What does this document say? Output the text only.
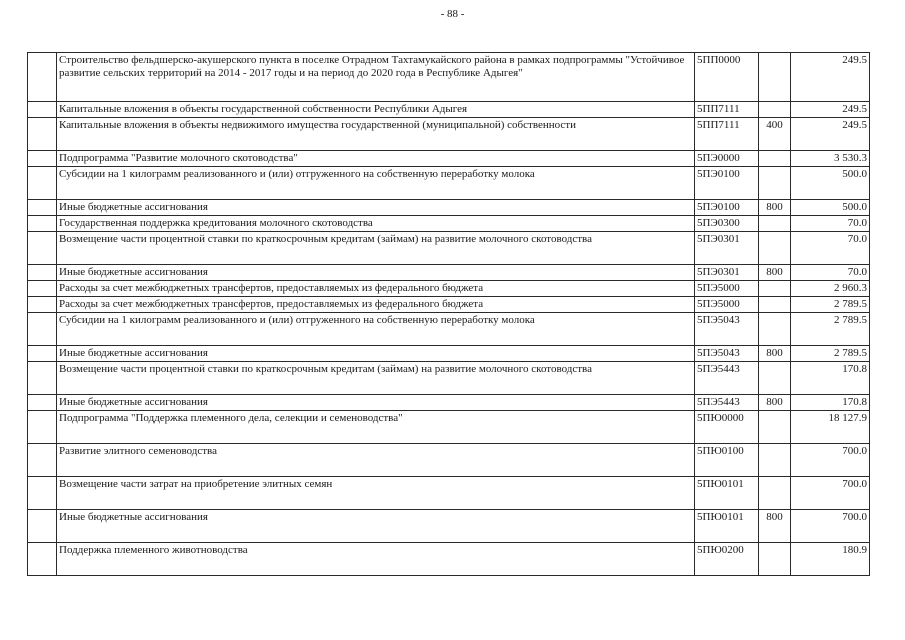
- 88 -
	Строительство фельдшерско-акушерского пункта в поселке Отрадном Тахтамукайского района в рамках подпрограммы "Устойчивое развитие сельских территорий на 2014 - 2017 годы и на период до 2020 года в Республике Адыгея"	5ПП0000		249.5
	Капитальные вложения в объекты государственной собственности Республики Адыгея	5ПП7111		249.5
	Капитальные вложения в объекты недвижимого имущества государственной (муниципальной) собственности	5ПП7111	400	249.5
	Подпрограмма "Развитие молочного скотоводства"	5ПЭ0000		3 530.3
	Субсидии на 1 килограмм реализованного и (или) отгруженного на собственную переработку молока	5ПЭ0100		500.0
	Иные бюджетные ассигнования	5ПЭ0100	800	500.0
	Государственная поддержка кредитования молочного скотоводства	5ПЭ0300		70.0
	Возмещение части процентной ставки по краткосрочным кредитам (займам) на развитие молочного скотоводства	5ПЭ0301		70.0
	Иные бюджетные ассигнования	5ПЭ0301	800	70.0
	Расходы за счет межбюджетных трансфертов, предоставляемых из федерального бюджета	5ПЭ5000		2 960.3
	Расходы за счет межбюджетных трансфертов, предоставляемых из федерального бюджета	5ПЭ5000		2 789.5
	Субсидии на 1 килограмм реализованного и (или) отгруженного на собственную переработку молока	5ПЭ5043		2 789.5
	Иные бюджетные ассигнования	5ПЭ5043	800	2 789.5
	Возмещение части процентной ставки по краткосрочным кредитам (займам) на развитие молочного скотоводства	5ПЭ5443		170.8
	Иные бюджетные ассигнования	5ПЭ5443	800	170.8
	Подпрограмма "Поддержка племенного дела, селекции и семеноводства"	5ПЮ0000		18 127.9
	Развитие элитного семеноводства	5ПЮ0100		700.0
	Возмещение части затрат на приобретение элитных семян	5ПЮ0101		700.0
	Иные бюджетные ассигнования	5ПЮ0101	800	700.0
	Поддержка племенного животноводства	5ПЮ0200		180.9
